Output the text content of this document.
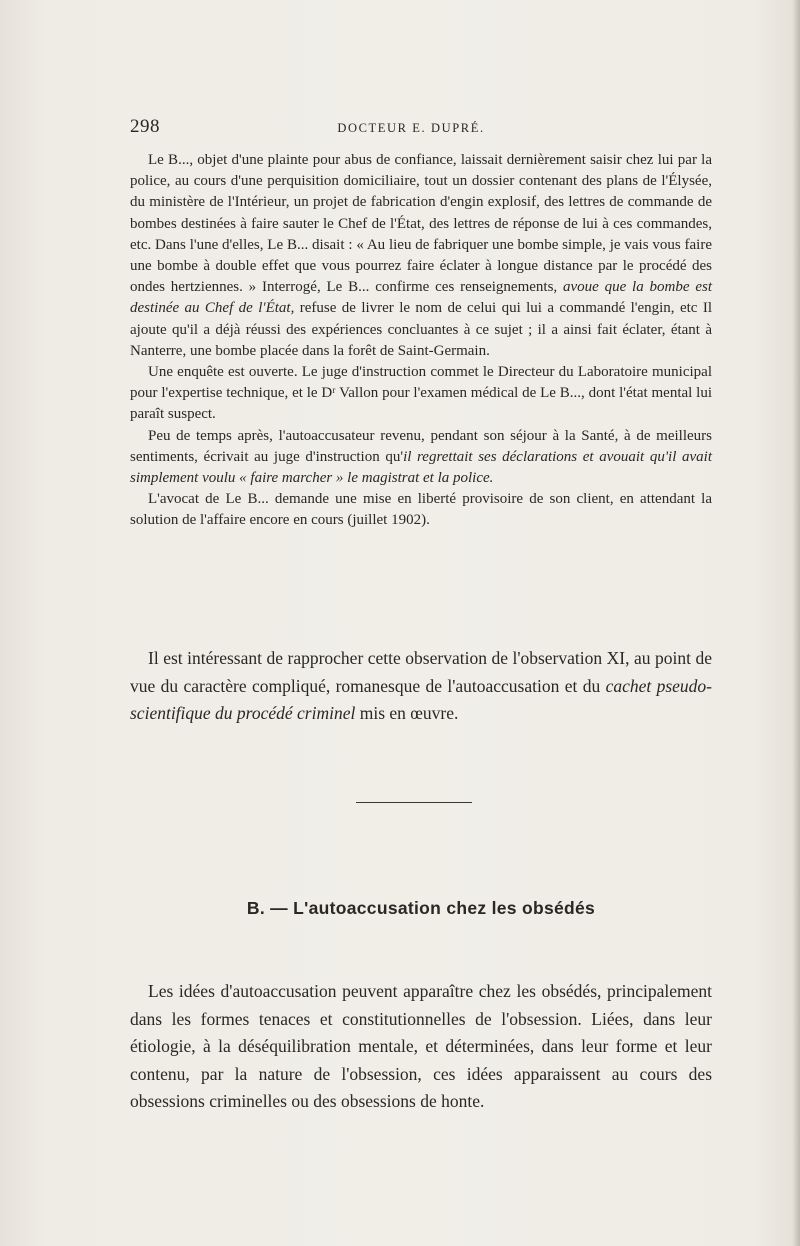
298	DOCTEUR E. DUPRÉ.

Le B..., objet d'une plainte pour abus de confiance, laissait dernièrement saisir chez lui par la police, au cours d'une perquisition domiciliaire, tout un dossier contenant des plans de l'Élysée, du ministère de l'Intérieur, un projet de fabrication d'engin explosif, des lettres de commande de bombes destinées à faire sauter le Chef de l'État, des lettres de réponse de lui à ces commandes, etc. Dans l'une d'elles, Le B... disait : « Au lieu de fabriquer une bombe simple, je vais vous faire une bombe à double effet que vous pourrez faire éclater à longue distance par le procédé des ondes hertziennes. » Interrogé, Le B... confirme ces renseignements, avoue que la bombe est destinée au Chef de l'État, refuse de livrer le nom de celui qui lui a commandé l'engin, etc Il ajoute qu'il a déjà réussi des expériences concluantes à ce sujet ; il a ainsi fait éclater, étant à Nanterre, une bombe placée dans la forêt de Saint-Germain.

Une enquête est ouverte. Le juge d'instruction commet le Directeur du Laboratoire municipal pour l'expertise technique, et le Dʳ Vallon pour l'examen médical de Le B..., dont l'état mental lui paraît suspect.

Peu de temps après, l'autoaccusateur revenu, pendant son séjour à la Santé, à de meilleurs sentiments, écrivait au juge d'instruction qu'il regrettait ses déclarations et avouait qu'il avait simplement voulu « faire marcher » le magistrat et la police.

L'avocat de Le B... demande une mise en liberté provisoire de son client, en attendant la solution de l'affaire encore en cours (juillet 1902).

Il est intéressant de rapprocher cette observation de l'observation XI, au point de vue du caractère compliqué, romanesque de l'autoaccusation et du cachet pseudo-scientifique du procédé criminel mis en œuvre.

B. — L'autoaccusation chez les obsédés

Les idées d'autoaccusation peuvent apparaître chez les obsédés, principalement dans les formes tenaces et constitutionnelles de l'obsession. Liées, dans leur étiologie, à la déséquilibration mentale, et déterminées, dans leur forme et leur contenu, par la nature de l'obsession, ces idées apparaissent au cours des obsessions criminelles ou des obsessions de honte.
